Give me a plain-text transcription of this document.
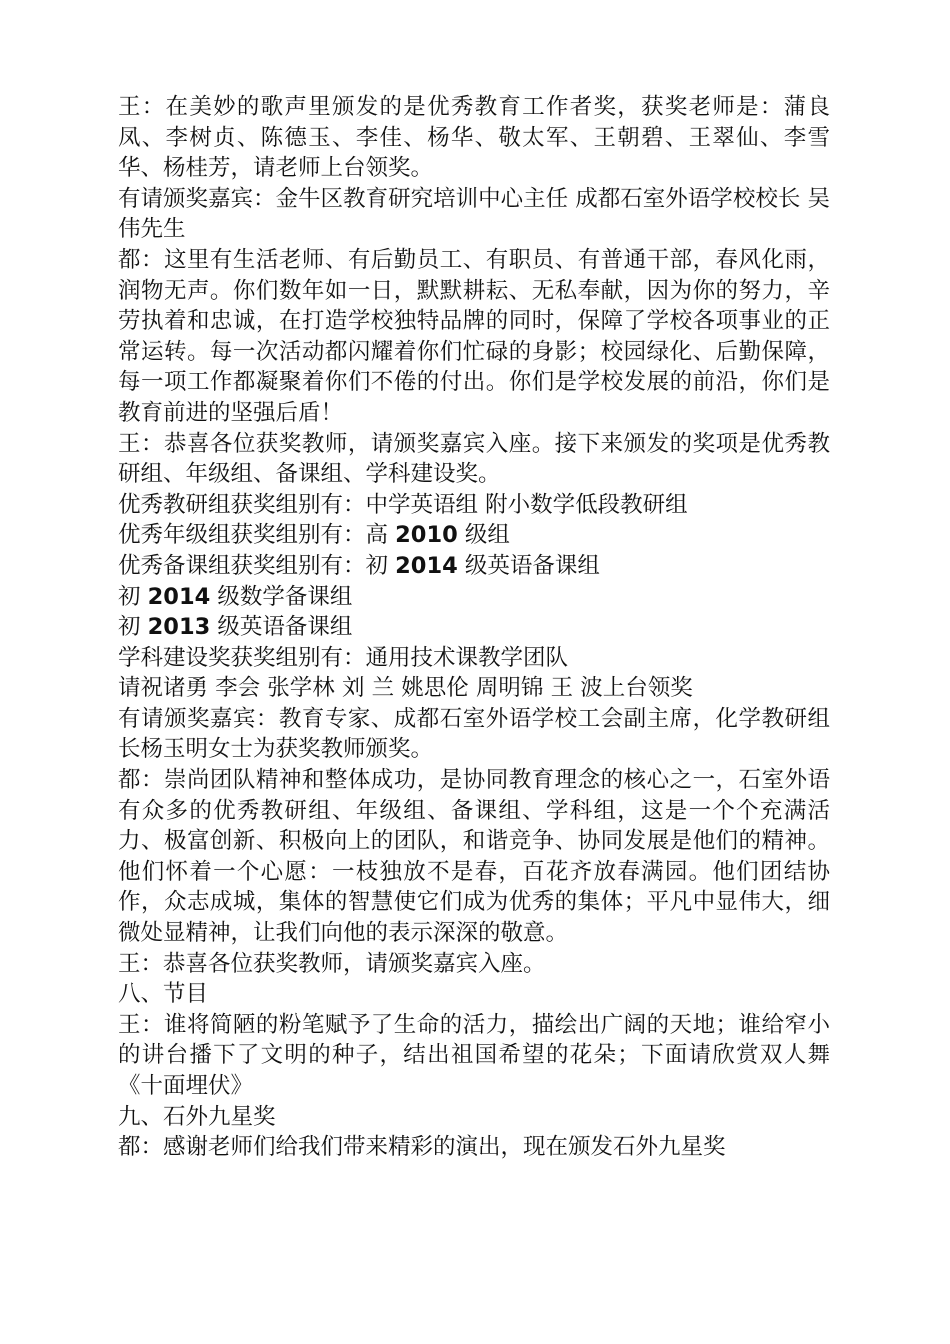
王：在美妙的歌声里颁发的是优秀教育工作者奖，获奖老师是：蒲良凤、李树贞、陈德玉、李佳、杨华、敬太军、王朝碧、王翠仙、李雪华、杨桂芳，请老师上台领奖。

有请颁奖嘉宾：金牛区教育研究培训中心主任 成都石室外语学校校长 吴伟先生

都：这里有生活老师、有后勤员工、有职员、有普通干部，春风化雨，润物无声。你们数年如一日，默默耕耘、无私奉献，因为你的努力，辛劳执着和忠诚，在打造学校独特品牌的同时，保障了学校各项事业的正常运转。每一次活动都闪耀着你们忙碌的身影；校园绿化、后勤保障，每一项工作都凝聚着你们不倦的付出。你们是学校发展的前沿，你们是教育前进的坚强后盾！

王：恭喜各位获奖教师，请颁奖嘉宾入座。接下来颁发的奖项是优秀教研组、年级组、备课组、学科建设奖。

优秀教研组获奖组别有：中学英语组 附小数学低段教研组

优秀年级组获奖组别有：高 2010 级组

优秀备课组获奖组别有：初 2014 级英语备课组

初 2014 级数学备课组

初 2013 级英语备课组

学科建设奖获奖组别有：通用技术课教学团队

请祝诸勇 李会 张学林 刘 兰 姚思伦 周明锦 王 波上台领奖

有请颁奖嘉宾：教育专家、成都石室外语学校工会副主席，化学教研组长杨玉明女士为获奖教师颁奖。

都：崇尚团队精神和整体成功，是协同教育理念的核心之一，石室外语有众多的优秀教研组、年级组、备课组、学科组，这是一个个充满活力、极富创新、积极向上的团队，和谐竞争、协同发展是他们的精神。他们怀着一个心愿：一枝独放不是春，百花齐放春满园。他们团结协作，众志成城，集体的智慧使它们成为优秀的集体；平凡中显伟大，细微处显精神，让我们向他的表示深深的敬意。

王：恭喜各位获奖教师，请颁奖嘉宾入座。

八、节目

王：谁将简陋的粉笔赋予了生命的活力，描绘出广阔的天地；谁给窄小的讲台播下了文明的种子，结出祖国希望的花朵；下面请欣赏双人舞《十面埋伏》

九、石外九星奖

都：感谢老师们给我们带来精彩的演出，现在颁发石外九星奖
